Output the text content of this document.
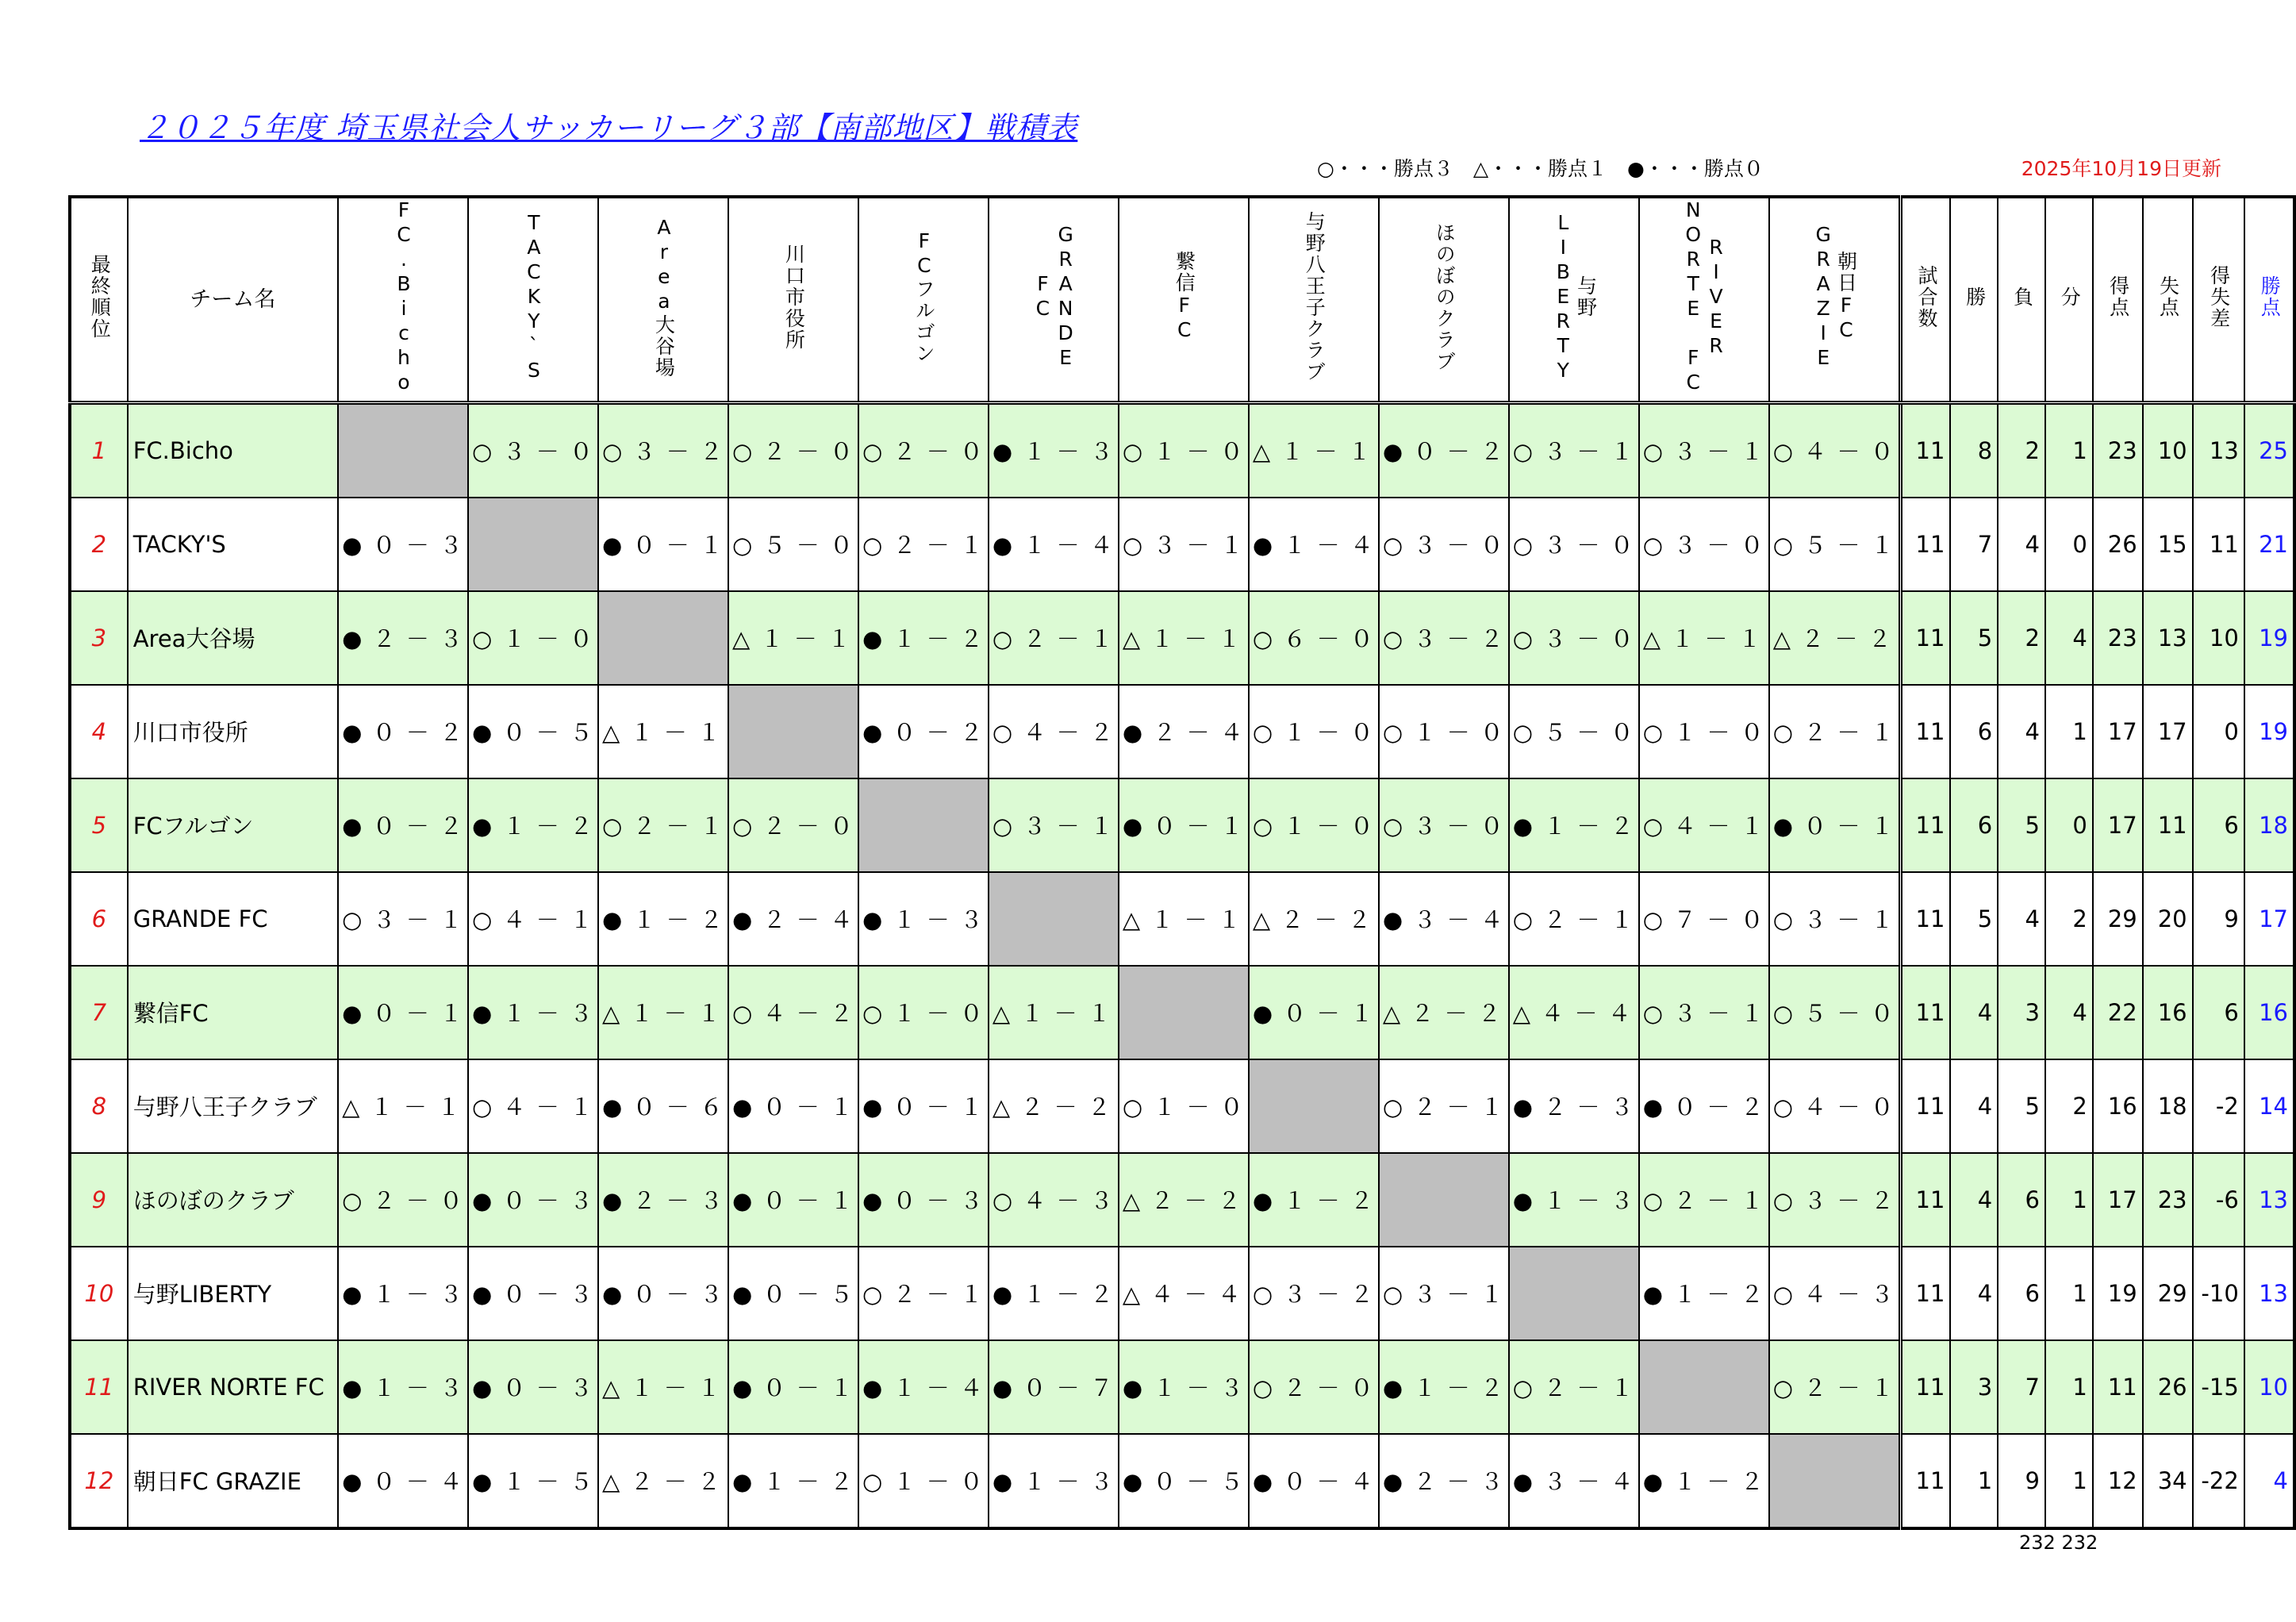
２０２５年度 埼玉県社会人サッカーリーグ３部【南部地区】戦積表
○・・・勝点３　△・・・勝点１　●・・・勝点０	2025年10月19日更新
最終順位	チーム名	FC.Bicho	TACKY`S	Area大谷場	川口市役所	FCフルゴン	GRANDE FC	繋信FC	与野八王子クラブ	ほのぼのクラブ	与野LIBERTY	RIVER NORTE FC	朝日FC GRAZIE	試合数	勝	負	分	得点	失点	得失差	勝点
1	FC.Bicho		○ ３ － ０	○ ３ － ２	○ ２ － ０	○ ２ － ０	● １ － ３	○ １ － ０	△ １ － １	● ０ － ２	○ ３ － １	○ ３ － １	○ ４ － ０	11	8	2	1	23	10	13	25
2	TACKY'S	● ０ － ３		● ０ － １	○ ５ － ０	○ ２ － １	● １ － ４	○ ３ － １	● １ － ４	○ ３ － ０	○ ３ － ０	○ ３ － ０	○ ５ － １	11	7	4	0	26	15	11	21
3	Area大谷場	● ２ － ３	○ １ － ０		△ １ － １	● １ － ２	○ ２ － １	△ １ － １	○ ６ － ０	○ ３ － ２	○ ３ － ０	△ １ － １	△ ２ － ２	11	5	2	4	23	13	10	19
4	川口市役所	● ０ － ２	● ０ － ５	△ １ － １		● ０ － ２	○ ４ － ２	● ２ － ４	○ １ － ０	○ １ － ０	○ ５ － ０	○ １ － ０	○ ２ － １	11	6	4	1	17	17	0	19
5	FCフルゴン	● ０ － ２	● １ － ２	○ ２ － １	○ ２ － ０		○ ３ － １	● ０ － １	○ １ － ０	○ ３ － ０	● １ － ２	○ ４ － １	● ０ － １	11	6	5	0	17	11	6	18
6	GRANDE FC	○ ３ － １	○ ４ － １	● １ － ２	● ２ － ４	● １ － ３		△ １ － １	△ ２ － ２	● ３ － ４	○ ２ － １	○ ７ － ０	○ ３ － １	11	5	4	2	29	20	9	17
7	繋信FC	● ０ － １	● １ － ３	△ １ － １	○ ４ － ２	○ １ － ０	△ １ － １		● ０ － １	△ ２ － ２	△ ４ － ４	○ ３ － １	○ ５ － ０	11	4	3	4	22	16	6	16
8	与野八王子クラブ	△ １ － １	○ ４ － １	● ０ － ６	● ０ － １	● ０ － １	△ ２ － ２	○ １ － ０		○ ２ － １	● ２ － ３	● ０ － ２	○ ４ － ０	11	4	5	2	16	18	-2	14
9	ほのぼのクラブ	○ ２ － ０	● ０ － ３	● ２ － ３	● ０ － １	● ０ － ３	○ ４ － ３	△ ２ － ２	● １ － ２		● １ － ３	○ ２ － １	○ ３ － ２	11	4	6	1	17	23	-6	13
10	与野LIBERTY	● １ － ３	● ０ － ３	● ０ － ３	● ０ － ５	○ ２ － １	● １ － ２	△ ４ － ４	○ ３ － ２	○ ３ － １		● １ － ２	○ ４ － ３	11	4	6	1	19	29	-10	13
11	RIVER NORTE FC	● １ － ３	● ０ － ３	△ １ － １	● ０ － １	● １ － ４	● ０ － ７	● １ － ３	○ ２ － ０	● １ － ２	○ ２ － １		○ ２ － １	11	3	7	1	11	26	-15	10
12	朝日FC GRAZIE	● ０ － ４	● １ － ５	△ ２ － ２	● １ － ２	○ １ － ０	● １ － ３	● ０ － ５	● ０ － ４	● ２ － ３	● ３ － ４	● １ － ２		11	1	9	1	12	34	-22	4
232 232
